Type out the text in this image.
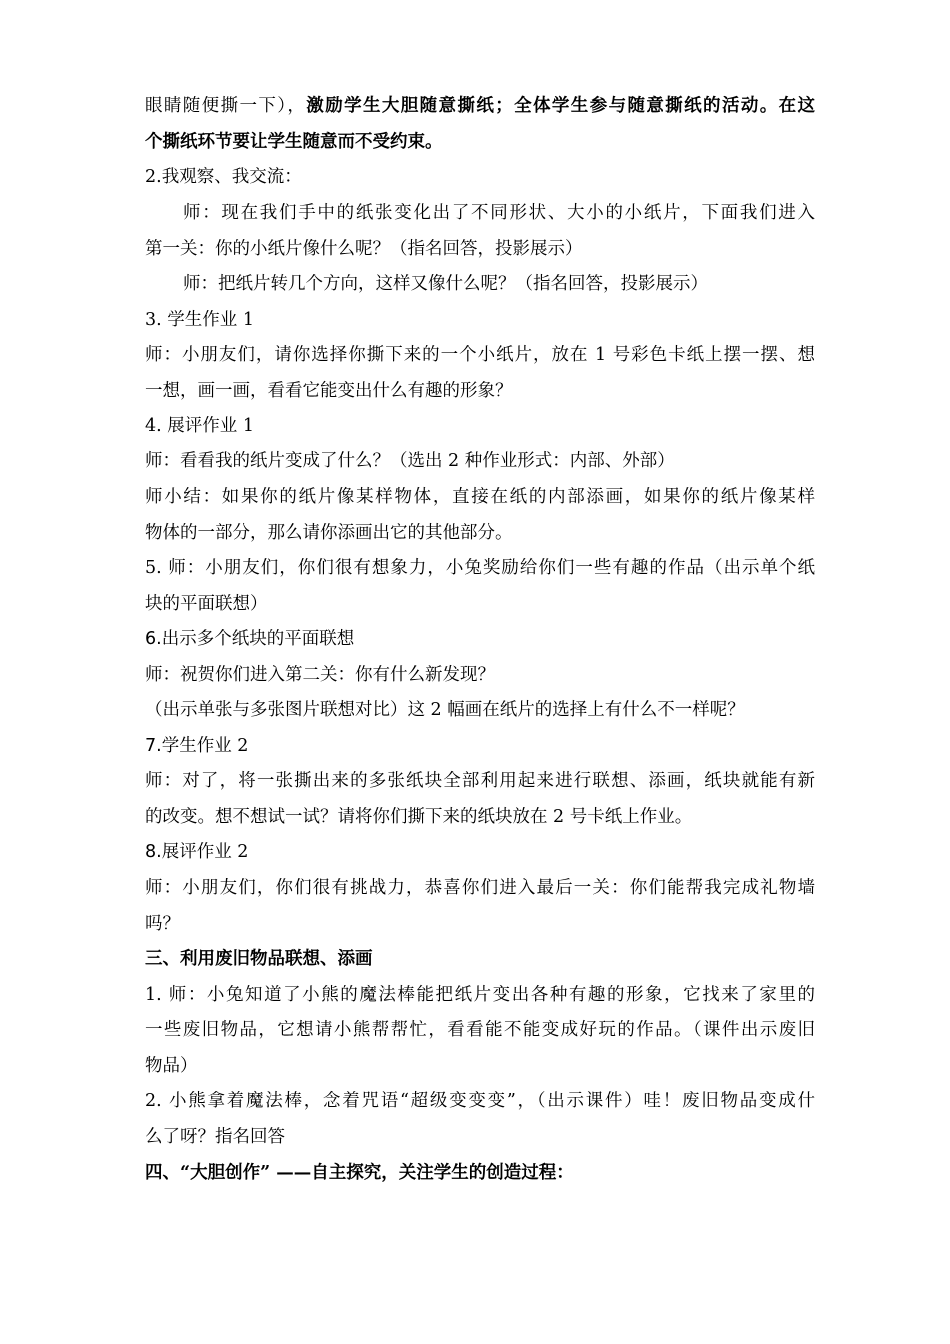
眼睛随便撕一下），激励学生大胆随意撕纸；全体学生参与随意撕纸的活动。在这
个撕纸环节要让学生随意而不受约束。
2.我观察、我交流：
师：现在我们手中的纸张变化出了不同形状、大小的小纸片，下面我们进入
第一关：你的小纸片像什么呢？（指名回答，投影展示）
师：把纸片转几个方向，这样又像什么呢？（指名回答，投影展示）
3. 学生作业 1
师：小朋友们，请你选择你撕下来的一个小纸片，放在 1 号彩色卡纸上摆一摆、想
一想，画一画，看看它能变出什么有趣的形象？
4. 展评作业 1
师：看看我的纸片变成了什么？（选出 2 种作业形式：内部、外部）
师小结：如果你的纸片像某样物体，直接在纸的内部添画，如果你的纸片像某样
物体的一部分，那么请你添画出它的其他部分。
5. 师：小朋友们，你们很有想象力，小兔奖励给你们一些有趣的作品（出示单个纸
块的平面联想）
6.出示多个纸块的平面联想
师：祝贺你们进入第二关：你有什么新发现？
（出示单张与多张图片联想对比）这 2 幅画在纸片的选择上有什么不一样呢？
7.学生作业 2
师：对了，将一张撕出来的多张纸块全部利用起来进行联想、添画，纸块就能有新
的改变。想不想试一试？请将你们撕下来的纸块放在 2 号卡纸上作业。
8.展评作业 2
师：小朋友们，你们很有挑战力，恭喜你们进入最后一关：你们能帮我完成礼物墙
吗？
三、利用废旧物品联想、添画
1. 师：小兔知道了小熊的魔法棒能把纸片变出各种有趣的形象，它找来了家里的
一些废旧物品，它想请小熊帮帮忙，看看能不能变成好玩的作品。（课件出示废旧
物品）
2. 小熊拿着魔法棒，念着咒语“超级变变变”，（出示课件）哇！废旧物品变成什
么了呀？指名回答
四、“大胆创作” ——自主探究，关注学生的创造过程：
